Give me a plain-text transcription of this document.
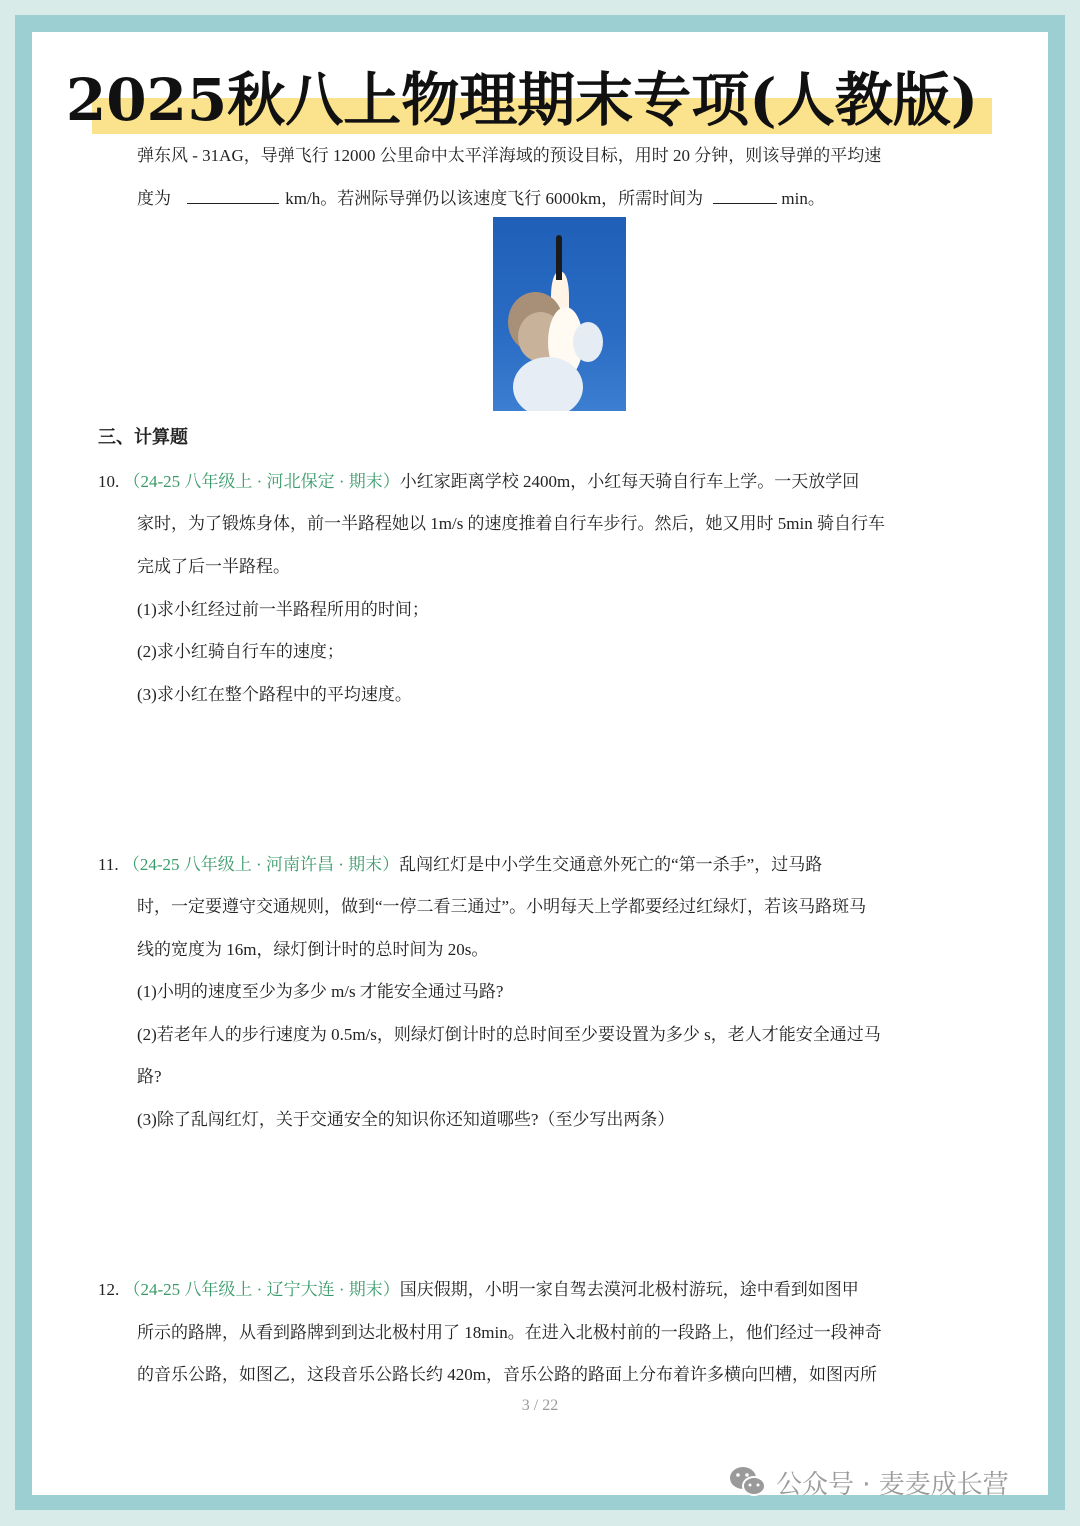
2025秋八上物理期末专项(人教版)
弹东风 - 31AG，导弹飞行 12000 公里命中太平洋海域的预设目标，用时 20 分钟，则该导弹的平均速
度为	km/h。若洲际导弹仍以该速度飞行 6000km，所需时间为	min。
三、计算题
10. （24-25 八年级上 · 河北保定 · 期末）小红家距离学校 2400m，小红每天骑自行车上学。一天放学回
家时，为了锻炼身体，前一半路程她以 1m/s 的速度推着自行车步行。然后，她又用时 5min 骑自行车
完成了后一半路程。
(1)求小红经过前一半路程所用的时间；
(2)求小红骑自行车的速度；
(3)求小红在整个路程中的平均速度。
11. （24-25 八年级上 · 河南许昌 · 期末）乱闯红灯是中小学生交通意外死亡的“第一杀手”，过马路
时，一定要遵守交通规则，做到“一停二看三通过”。小明每天上学都要经过红绿灯，若该马路斑马
线的宽度为 16m，绿灯倒计时的总时间为 20s。
(1)小明的速度至少为多少 m/s 才能安全通过马路?
(2)若老年人的步行速度为 0.5m/s，则绿灯倒计时的总时间至少要设置为多少 s，老人才能安全通过马
路?
(3)除了乱闯红灯，关于交通安全的知识你还知道哪些?（至少写出两条）
12. （24-25 八年级上 · 辽宁大连 · 期末）国庆假期，小明一家自驾去漠河北极村游玩，途中看到如图甲
所示的路牌，从看到路牌到到达北极村用了 18min。在进入北极村前的一段路上，他们经过一段神奇
的音乐公路，如图乙，这段音乐公路长约 420m，音乐公路的路面上分布着许多横向凹槽，如图丙所
3 / 22
公众号 · 麦麦成长营
